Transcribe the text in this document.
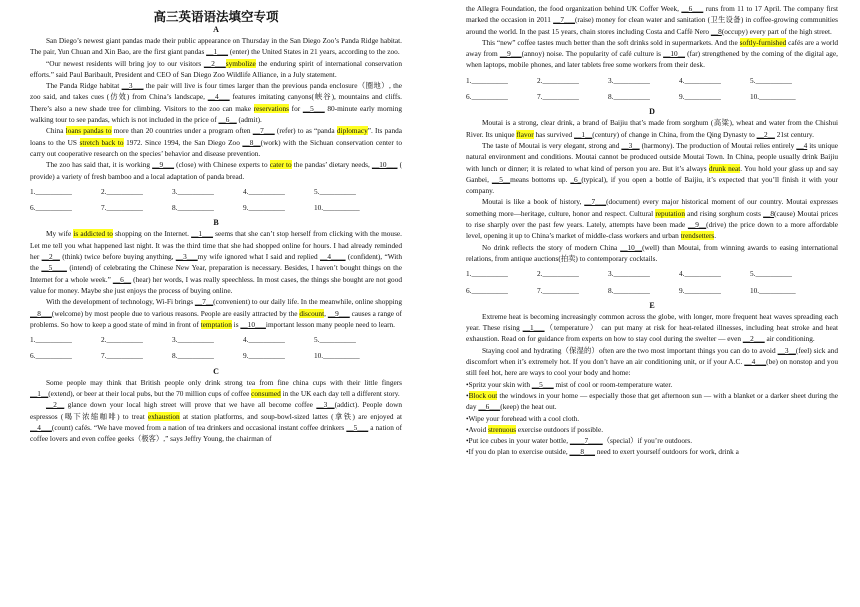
高三英语语法填空专项
A

San Diego’s newest giant pandas made their public appearance on Thursday in the San Diego Zoo’s Panda Ridge habitat. The pair, Yun Chuan and Xin Bao, are the first giant pandas __1___ (enter) the United States in 21 years, according to the zoo.

“Our newest residents will bring joy to our visitors __2___symbolize the enduring spirit of international conservation efforts.” said Paul Baribault, President and CEO of San Diego Zoo Wildlife Alliance, in a July statement.

The Panda Ridge habitat __3___ the pair will live is four times larger than the previous panda enclosure（圈地）, the zoo said, and takes cues (仿效) from China’s landscape, __4___ features imitating canyons(峡谷), mountains and cliffs. There’s also a new shade tree for climbing. Visitors to the zoo can make reservations for __5___ 80-minute early morning walking tour to see pandas, which is not included in the price of __6__ (admit).

China loans pandas to more than 20 countries under a program often __7___ (refer) to as “panda diplomacy”. Its panda loans to the US stretch back to 1972. Since 1994, the San Diego Zoo __8__(work) with the Sichuan conservation center to carry out cooperative research on the species’ behavior and disease prevention.

The zoo has said that, it is working __9___ (close) with Chinese experts to cater to the pandas’ dietary needs, __10___ ( provide) a variety of fresh bamboo and a local adaptation of panda bread.

1.__________	2.__________	3.__________	4.__________	5.__________
6.__________	7.__________	8.__________	9.__________	10.__________
B

My wife is addicted to shopping on the Internet. __1___ seems that she can’t stop herself from clicking with the mouse. Let me tell you what happened last night. It was the third time that she had shopped online for hours. I had already reminded her __2__ (think) twice before buying anything, __3___my wife ignored what I said and replied __4____ (confident), “With the __5____ (intend) of celebrating the Chinese New Year, preparation is necessary. Besides, I haven’t bought things on the Internet for a whole week.” __6__ (hear) her words, I was really speechless. In most cases, the things she bought are not good value for money. Maybe she just enjoys the process of buying online.

With the development of technology, Wi-Fi brings __7__(convenient) to our daily life. In the meanwhile, online shopping __8___(welcome) by most people due to various reasons. People are easily attracted by the discount, __9___ causes a range of problems. So how to keep a good state of mind in front of temptation is __10___important lesson many people need to learn.

1.__________	2.__________	3.__________	4.__________	5.__________
6.__________	7.__________	8.__________	9.__________	10.__________
C

Some people may think that British people only drink strong tea from fine china cups with their little fingers __1__(extend), or beer at their local pubs, but the 70 million cups of coffee consumed in the UK each day tell a different story.

__2__ glance down your local high street will prove that we have all become coffee __3__(addict). People down espressos (喝下浓缩咖啡) to treat exhaustion at station platforms, and soup-bowl-sized lattes (拿铁) are enjoyed at __4___(count) cafés. “We have moved from a nation of tea drinkers and occasional instant coffee drinkers __5___ a nation of coffee lovers and even coffee geeks（极客）,” says Jeffry Young, the chairman of

the Allegra Foundation, the food organization behind UK Coffer Week, __6___ runs from 11 to 17 April. The company first marked the occasion in 2011 __7___(raise) money for clean water and sanitation (卫生设备) in coffee-growing communities around the world. In the past 15 years, chain stores including Costa and Caffè Nero __8(occupy) every part of the high street.

This “new” coffee tastes much better than the soft drinks sold in supermarkets. And the softly-furnished cafés are a world away from __9___(annoy) noise. The popularity of café culture is __10__ (far) strengthened by the coming of the digital age, when laptops, mobile phones, and later tablets free some workers from their desk.

1.__________	2.__________	3.__________	4.__________	5.__________
6.__________	7.__________	8.__________	9.__________	10.__________
D

Moutai is a strong, clear drink, a brand of Baijiu that’s made from sorghum (高粱), wheat and water from the Chishui River. Its unique flavor has survived __1__(century) of change in China, from the Qing Dynasty to __2__ 21st century.

The taste of Moutai is very elegant, strong and __3__ (harmony). The production of Moutai relies entirely __4 its unique natural environment and conditions. Moutai cannot be produced outside Moutai Town. In China, people usually drink Baijiu with lunch or dinner; it is related to what kind of person you are. But it’s always drunk neat. You hold your glass up and say Ganbei, __5__means bottoms up. _6_(typical), if you open a bottle of Baijiu, it’s expected that you’ll finish it with your company.

Moutai is like a book of history, __7___(document) every major historical moment of our country. Moutai expresses something more—heritage, culture, honor and respect. Cultural reputation and rising sorghum costs __8(cause) Moutai prices to rise sharply over the past few years. Lately, attempts have been made __9__(drive) the price down to a more affordable level, opening it up to China’s market of middle-class workers and urban trendsetters.

No drink reflects the story of modern China __10__(well) than Moutai, from winning awards to easing international relations, from antique auctions(拍卖) to contemporary cocktails.

1.__________	2.__________	3.__________	4.__________	5.__________
6.__________	7.__________	8.__________	9.__________	10.__________
E

Extreme heat is becoming increasingly common across the globe, with longer, more frequent heat waves spreading each year. These rising __1___（temperature） can put many at risk for heat-related illnesses, including heat stroke and heat exhaustion. Read on for guidance from experts on how to stay cool during the swelter — even __2___ air conditioning.

Staying cool and hydrating（保湿的）often are the two most important things you can do to avoid __3__(feel) sick and discomfort when it’s extremely hot. If you don’t have an air conditioning unit, or if your A.C. __4___(be) on nonstop and you still feel hot, here are ways to cool your body and home:

•Spritz your skin with __5___ mist of cool or room-temperature water.

•Block out the windows in your home — especially those that get afternoon sun — with a blanket or a darker sheet during the day __6___(keep) the heat out.

•Wipe your forehead with a cool cloth.

•Avoid strenuous exercise outdoors if possible.

•Put ice cubes in your water bottle, ____7____（special）if you’re outdoors.

•If you do plan to exercise outside, ___8___ need to exert yourself outdoors for work, drink a
